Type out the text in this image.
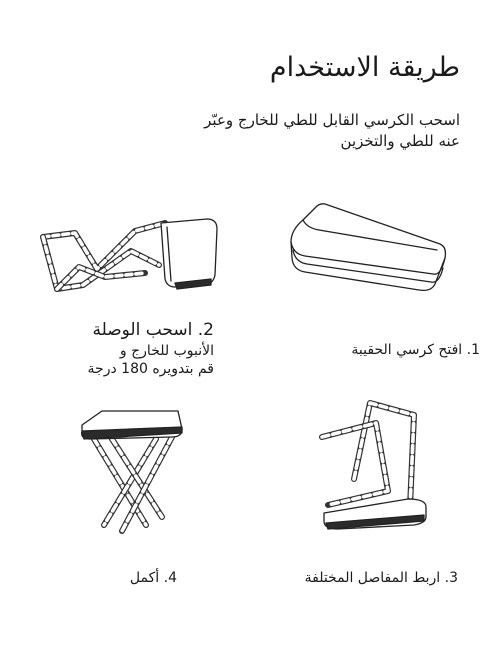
طريقة الاستخدام
اسحب الكرسي القابل للطي للخارج وعبّر
عنه للطي والتخزين
1. افتح كرسي الحقيبة
2. اسحب الوصلة
الأنبوب للخارج و
قم بتدويره 180 درجة
3. اربط المفاصل المختلفة
4. أكمل
